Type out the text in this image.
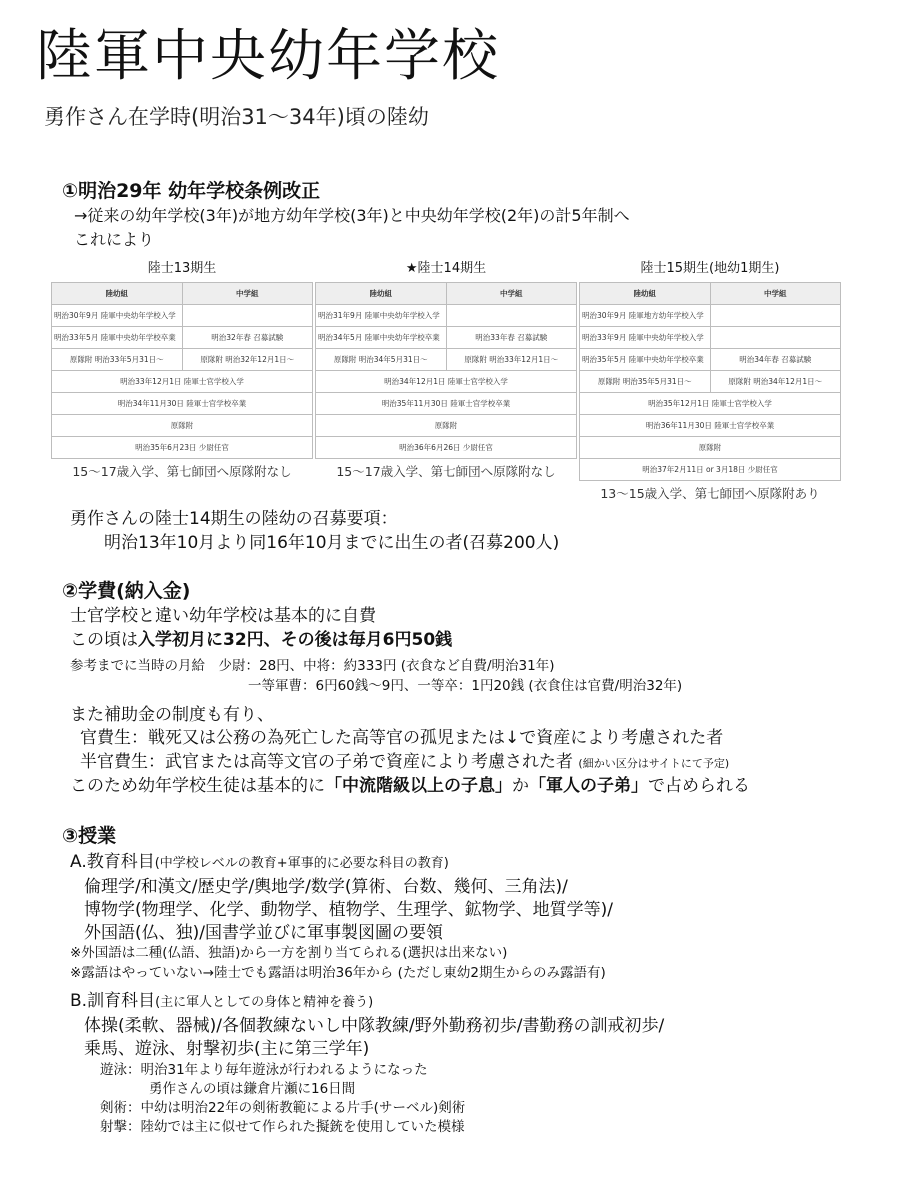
陸軍中央幼年学校
勇作さん在学時(明治31〜34年)頃の陸幼
①明治29年 幼年学校条例改正
→従来の幼年学校(3年)が地方幼年学校(3年)と中央幼年学校(2年)の計5年制へ
これにより
陸士13期生
陸幼組	中学組
明治30年9月 陸軍中央幼年学校入学	
明治33年5月 陸軍中央幼年学校卒業	明治32年春 召募試験
原隊附 明治33年5月31日〜	原隊附 明治32年12月1日〜
明治33年12月1日 陸軍士官学校入学	
明治34年11月30日 陸軍士官学校卒業	
原隊附	
明治35年6月23日 少尉任官	
15〜17歳入学、第七師団へ原隊附なし
★陸士14期生
陸幼組	中学組
明治31年9月 陸軍中央幼年学校入学	
明治34年5月 陸軍中央幼年学校卒業	明治33年春 召募試験
原隊附 明治34年5月31日〜	原隊附 明治33年12月1日〜
明治34年12月1日 陸軍士官学校入学	
明治35年11月30日 陸軍士官学校卒業	
原隊附	
明治36年6月26日 少尉任官	
15〜17歳入学、第七師団へ原隊附なし
陸士15期生(地幼1期生)
陸幼組	中学組
明治30年9月 陸軍地方幼年学校入学	
明治33年9月 陸軍中央幼年学校入学	
明治35年5月 陸軍中央幼年学校卒業	明治34年春 召募試験
原隊附 明治35年5月31日〜	原隊附 明治34年12月1日〜
明治35年12月1日 陸軍士官学校入学	
明治36年11月30日 陸軍士官学校卒業	
原隊附	
明治37年2月11日 or 3月18日 少尉任官	
13〜15歳入学、第七師団へ原隊附あり
勇作さんの陸士14期生の陸幼の召募要項：
明治13年10月より同16年10月までに出生の者(召募200人)
②学費(納入金)
士官学校と違い幼年学校は基本的に自費
この頃は入学初月に32円、その後は毎月6円50銭
参考までに当時の月給　少尉：28円、中将：約333円 (衣食など自費/明治31年)
一等軍曹：6円60銭〜9円、一等卒：1円20銭 (衣食住は官費/明治32年)
また補助金の制度も有り、
官費生：戦死又は公務の為死亡した高等官の孤児または↓で資産により考慮された者
半官費生：武官または高等文官の子弟で資産により考慮された者 (細かい区分はサイトにて予定)
このため幼年学校生徒は基本的に「中流階級以上の子息」か「軍人の子弟」で占められる
③授業
A.教育科目(中学校レベルの教育+軍事的に必要な科目の教育)
倫理学/和漢文/歴史学/輿地学/数学(算術、台数、幾何、三角法)/
博物学(物理学、化学、動物学、植物学、生理学、鉱物学、地質学等)/
外国語(仏、独)/国書学並びに軍事製図圖の要領
※外国語は二種(仏語、独語)から一方を割り当てられる(選択は出来ない)
※露語はやっていない→陸士でも露語は明治36年から (ただし東幼2期生からのみ露語有)
B.訓育科目(主に軍人としての身体と精神を養う)
体操(柔軟、器械)/各個教練ないし中隊教練/野外勤務初歩/書勤務の訓戒初歩/
乗馬、遊泳、射撃初歩(主に第三学年)
遊泳：明治31年より毎年遊泳が行われるようになった
勇作さんの頃は鎌倉片瀬に16日間
剣術：中幼は明治22年の剣術教範による片手(サーベル)剣術
射撃：陸幼では主に似せて作られた擬銃を使用していた模様
